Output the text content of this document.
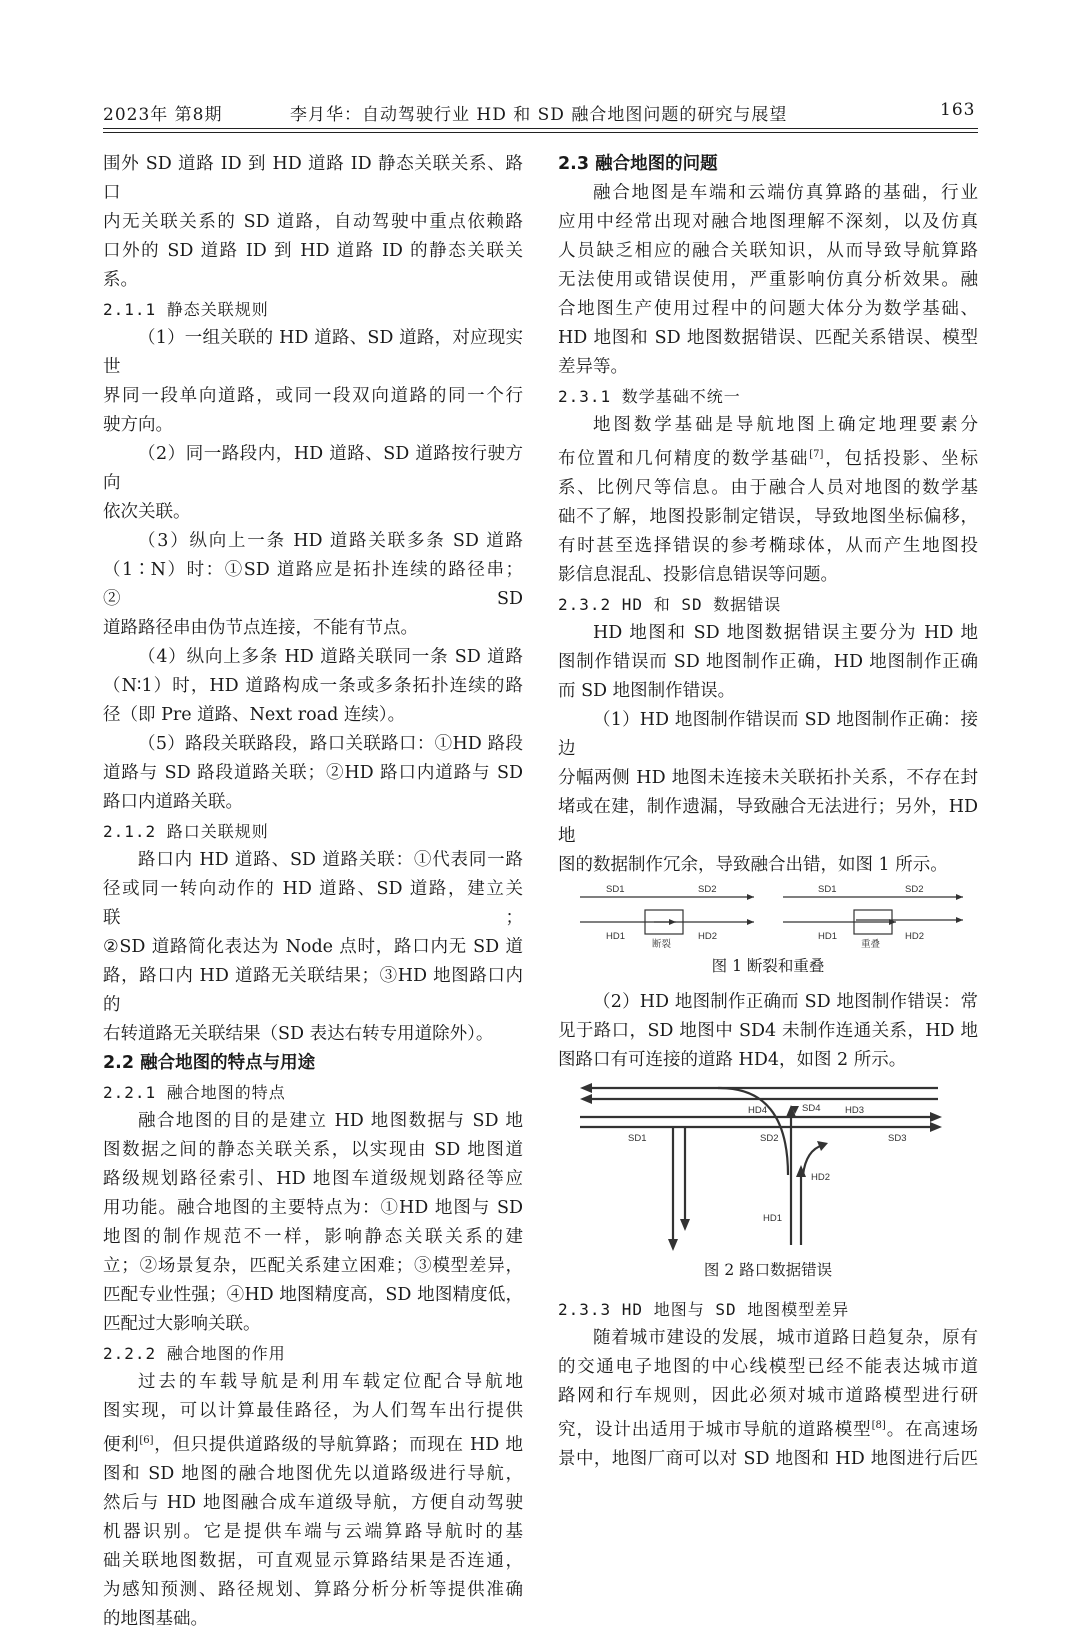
2023年 第8期	李月华：自动驾驶行业 HD 和 SD 融合地图问题的研究与展望	163
围外 SD 道路 ID 到 HD 道路 ID 静态关联关系、路口
内无关联关系的 SD 道路，自动驾驶中重点依赖路
口外的 SD 道路 ID 到 HD 道路 ID 的静态关联关系。
2.1.1 静态关联规则
（1）一组关联的 HD 道路、SD 道路，对应现实世
界同一段单向道路，或同一段双向道路的同一个行
驶方向。
（2）同一路段内，HD 道路、SD 道路按行驶方向
依次关联。
（3）纵向上一条 HD 道路关联多条 SD 道路
（1∶N）时：①SD 道路应是拓扑连续的路径串；②SD
道路路径串由伪节点连接，不能有节点。
（4）纵向上多条 HD 道路关联同一条 SD 道路
（N∶1）时，HD 道路构成一条或多条拓扑连续的路
径（即 Pre 道路、Next road 连续）。
（5）路段关联路段，路口关联路口：①HD 路段
道路与 SD 路段道路关联；②HD 路口内道路与 SD
路口内道路关联。
2.1.2 路口关联规则
路口内 HD 道路、SD 道路关联：①代表同一路
径或同一转向动作的 HD 道路、SD 道路，建立关联；
②SD 道路简化表达为 Node 点时，路口内无 SD 道
路，路口内 HD 道路无关联结果；③HD 地图路口内的
右转道路无关联结果（SD 表达右转专用道除外）。
2.2 融合地图的特点与用途
2.2.1 融合地图的特点
融合地图的目的是建立 HD 地图数据与 SD 地
图数据之间的静态关联关系，以实现由 SD 地图道
路级规划路径索引、HD 地图车道级规划路径等应
用功能。融合地图的主要特点为：①HD 地图与 SD
地图的制作规范不一样，影响静态关联关系的建
立；②场景复杂，匹配关系建立困难；③模型差异，
匹配专业性强；④HD 地图精度高，SD 地图精度低，
匹配过大影响关联。
2.2.2 融合地图的作用
过去的车载导航是利用车载定位配合导航地
图实现，可以计算最佳路径，为人们驾车出行提供
便利[6]，但只提供道路级的导航算路；而现在 HD 地
图和 SD 地图的融合地图优先以道路级进行导航，
然后与 HD 地图融合成车道级导航，方便自动驾驶
机器识别。它是提供车端与云端算路导航时的基
础关联地图数据，可直观显示算路结果是否连通，
为感知预测、路径规划、算路分析分析等提供准确
的地图基础。
2.3 融合地图的问题
融合地图是车端和云端仿真算路的基础，行业
应用中经常出现对融合地图理解不深刻，以及仿真
人员缺乏相应的融合关联知识，从而导致导航算路
无法使用或错误使用，严重影响仿真分析效果。融
合地图生产使用过程中的问题大体分为数学基础、
HD 地图和 SD 地图数据错误、匹配关系错误、模型
差异等。
2.3.1 数学基础不统一
地图数学基础是导航地图上确定地理要素分
布位置和几何精度的数学基础[7]，包括投影、坐标
系、比例尺等信息。由于融合人员对地图的数学基
础不了解，地图投影制定错误，导致地图坐标偏移，
有时甚至选择错误的参考椭球体，从而产生地图投
影信息混乱、投影信息错误等问题。
2.3.2 HD 和 SD 数据错误
HD 地图和 SD 地图数据错误主要分为 HD 地
图制作错误而 SD 地图制作正确，HD 地图制作正确
而 SD 地图制作错误。
（1）HD 地图制作错误而 SD 地图制作正确：接边
分幅两侧 HD 地图未连接未关联拓扑关系，不存在封
堵或在建，制作遗漏，导致融合无法进行；另外，HD 地
图的数据制作冗余，导致融合出错，如图 1 所示。
SD1	SD2
HD1	HD2
断裂
SD1	SD2
HD1	HD2
重叠
图 1 断裂和重叠
（2）HD 地图制作正确而 SD 地图制作错误：常
见于路口，SD 地图中 SD4 未制作连通关系，HD 地
图路口有可连接的道路 HD4，如图 2 所示。
HD4	SD4	HD3
SD1	SD2	SD3
HD2
HD1
图 2 路口数据错误
2.3.3 HD 地图与 SD 地图模型差异
随着城市建设的发展，城市道路日趋复杂，原有
的交通电子地图的中心线模型已经不能表达城市道
路网和行车规则，因此必须对城市道路模型进行研
究，设计出适用于城市导航的道路模型[8]。在高速场
景中，地图厂商可以对 SD 地图和 HD 地图进行后匹
